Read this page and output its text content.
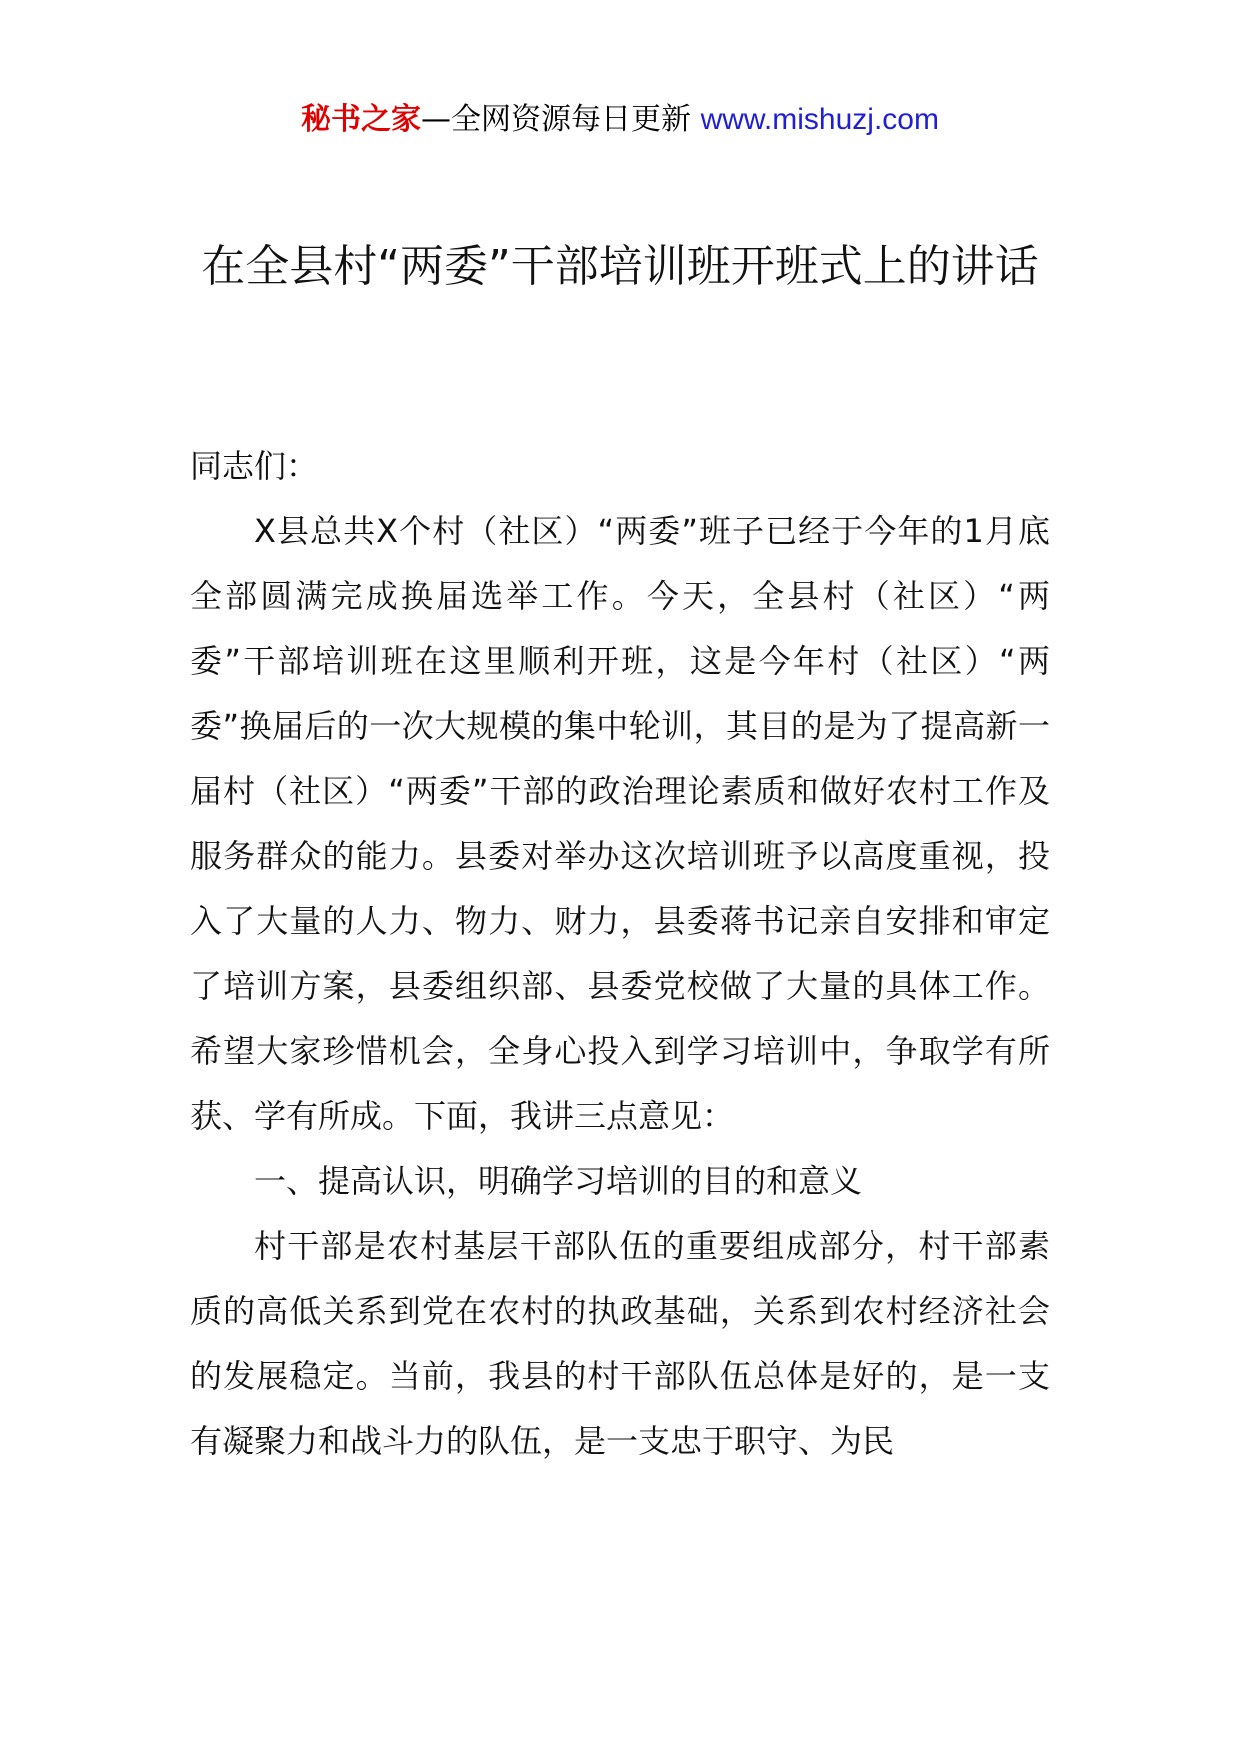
秘书之家—全网资源每日更新 www.mishuzj.com
在全县村“两委”干部培训班开班式上的讲话

同志们：

X县总共X个村（社区）“两委”班子已经于今年的1月底全部圆满完成换届选举工作。今天，全县村（社区）“两委”干部培训班在这里顺利开班，这是今年村（社区）“两委”换届后的一次大规模的集中轮训，其目的是为了提高新一届村（社区）“两委”干部的政治理论素质和做好农村工作及服务群众的能力。县委对举办这次培训班予以高度重视，投入了大量的人力、物力、财力，县委蒋书记亲自安排和审定了培训方案，县委组织部、县委党校做了大量的具体工作。希望大家珍惜机会，全身心投入到学习培训中，争取学有所获、学有所成。下面，我讲三点意见：

一、提高认识，明确学习培训的目的和意义

村干部是农村基层干部队伍的重要组成部分，村干部素质的高低关系到党在农村的执政基础，关系到农村经济社会的发展稳定。当前，我县的村干部队伍总体是好的，是一支有凝聚力和战斗力的队伍，是一支忠于职守、为民
